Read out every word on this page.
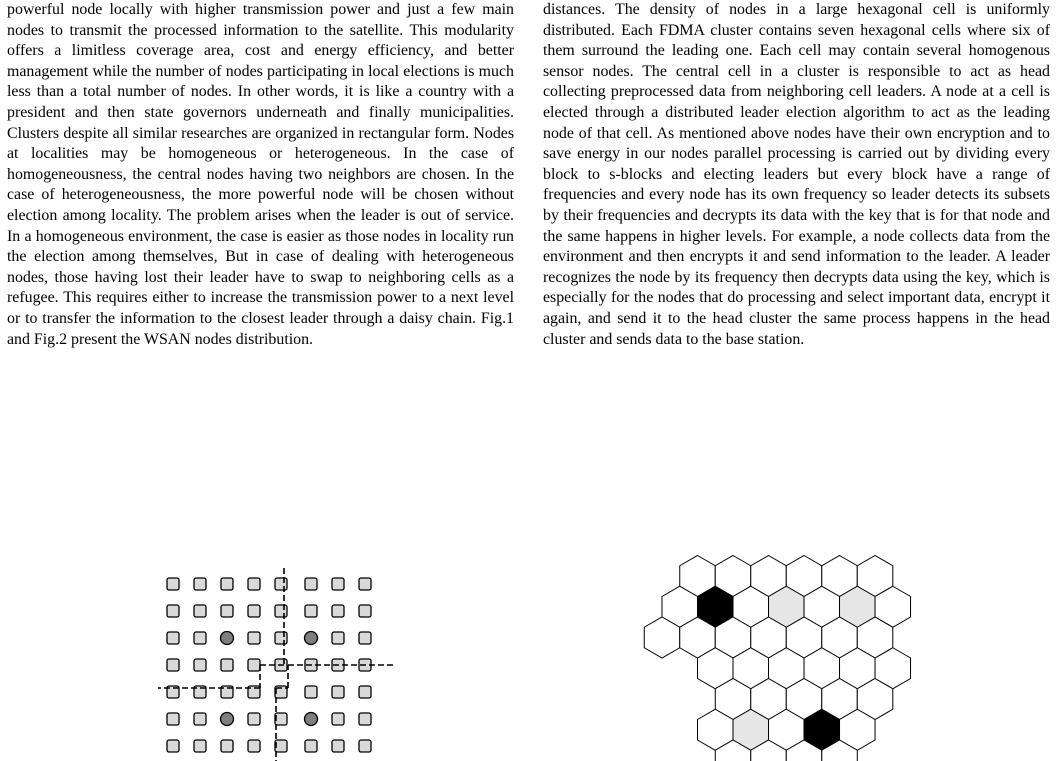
powerful node locally with higher transmission power and just a few main nodes to transmit the processed information to the satellite. This modularity offers a limitless coverage area, cost and energy efficiency, and better management while the number of nodes participating in local elections is much less than a total number of nodes. In other words, it is like a country with a president and then state governors underneath and finally municipalities. Clusters despite all similar researches are organized in rectangular form. Nodes at localities may be homogeneous or heterogeneous. In the case of homogeneousness, the central nodes having two neighbors are chosen. In the case of heterogeneousness, the more powerful node will be chosen without election among locality. The problem arises when the leader is out of service. In a homogeneous environment, the case is easier as those nodes in locality run the election among themselves, But in case of dealing with heterogeneous nodes, those having lost their leader have to swap to neighboring cells as a refugee. This requires either to increase the transmission power to a next level or to transfer the information to the closest leader through a daisy chain. Fig.1 and Fig.2 present the WSAN nodes distribution.

distances. The density of nodes in a large hexagonal cell is uniformly distributed. Each FDMA cluster contains seven hexagonal cells where six of them surround the leading one. Each cell may contain several homogenous sensor nodes. The central cell in a cluster is responsible to act as head collecting preprocessed data from neighboring cell leaders. A node at a cell is elected through a distributed leader election algorithm to act as the leading node of that cell. As mentioned above nodes have their own encryption and to save energy in our nodes parallel processing is carried out by dividing every block to s-blocks and electing leaders but every block have a range of frequencies and every node has its own frequency so leader detects its subsets by their frequencies and decrypts its data with the key that is for that node and the same happens in higher levels. For example, a node collects data from the environment and then encrypts it and send information to the leader. A leader recognizes the node by its frequency then decrypts data using the key, which is especially for the nodes that do processing and select important data, encrypt it again, and send it to the head cluster the same process happens in the head cluster and sends data to the base station.
